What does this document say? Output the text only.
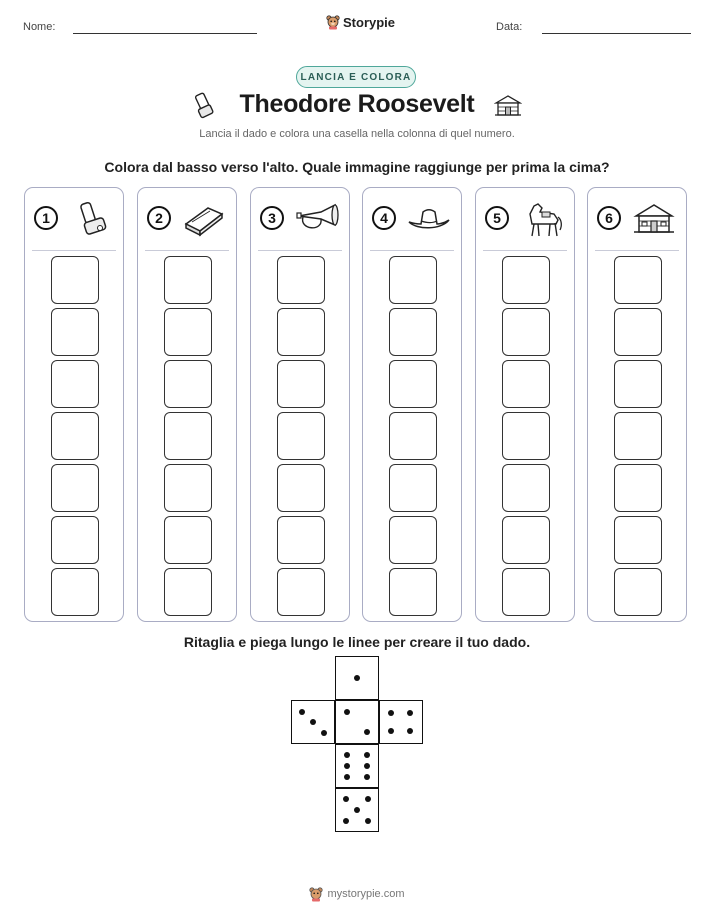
Nome:	Storypie	Data:
LANCIA E COLORA
Theodore Roosevelt
Lancia il dado e colora una casella nella colonna di quel numero.
Colora dal basso verso l'alto. Quale immagine raggiunge per prima la cima?
1	2	3	4	5	6
Ritaglia e piega lungo le linee per creare il tuo dado.
mystorypie.com
